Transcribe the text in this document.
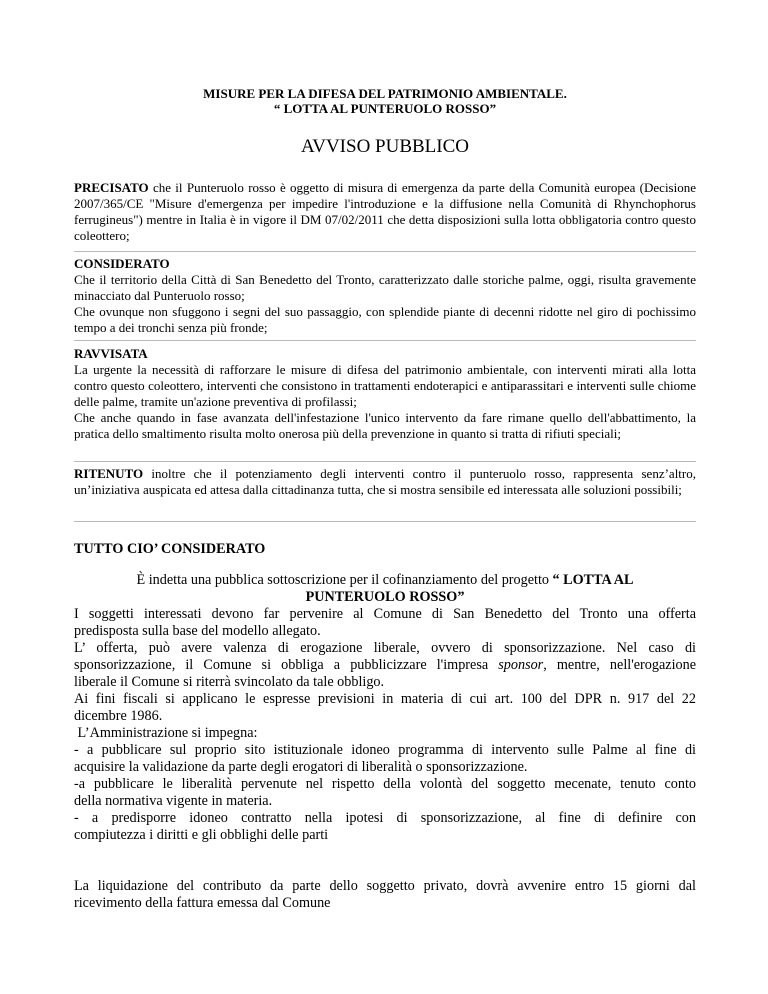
MISURE PER LA DIFESA DEL PATRIMONIO AMBIENTALE.
“ LOTTA AL PUNTERUOLO ROSSO”
AVVISO PUBBLICO
PRECISATO che il Punteruolo rosso è oggetto di misura di emergenza da parte della Comunità europea (Decisione 2007/365/CE "Misure d'emergenza per impedire l'introduzione e la diffusione nella Comunità di Rhynchophorus ferrugineus") mentre in Italia è in vigore il DM 07/02/2011 che detta disposizioni sulla lotta obbligatoria contro questo coleottero;
CONSIDERATO
Che il territorio della Città di San Benedetto del Tronto, caratterizzato dalle storiche palme, oggi, risulta gravemente minacciato dal Punteruolo rosso;
Che ovunque non sfuggono i segni del suo passaggio, con splendide piante di decenni ridotte nel giro di pochissimo tempo a dei tronchi senza più fronde;
RAVVISATA
La urgente la necessità di rafforzare le misure di difesa del patrimonio ambientale, con interventi mirati alla lotta contro questo coleottero, interventi che consistono in trattamenti endoterapici e antiparassitari e interventi sulle chiome delle palme, tramite un'azione preventiva di profilassi;
Che anche quando in fase avanzata dell'infestazione l'unico intervento da fare rimane quello dell'abbattimento, la pratica dello smaltimento risulta molto onerosa più della prevenzione in quanto si tratta di rifiuti speciali;
RITENUTO inoltre che il potenziamento degli interventi contro il punteruolo rosso, rappresenta senz’altro, un’iniziativa auspicata ed attesa dalla cittadinanza tutta, che si mostra sensibile ed interessata alle soluzioni possibili;
TUTTO CIO’ CONSIDERATO
È indetta una pubblica sottoscrizione per il cofinanziamento del progetto “ LOTTA AL
PUNTERUOLO ROSSO”
I soggetti interessati devono far pervenire al Comune di San Benedetto del Tronto una offerta
predisposta sulla base del modello allegato.
L’ offerta, può avere valenza di erogazione liberale, ovvero di sponsorizzazione. Nel caso di
sponsorizzazione, il Comune si obbliga a pubblicizzare l'impresa sponsor, mentre, nell'erogazione
liberale il Comune si riterrà svincolato da tale obbligo.
Ai fini fiscali si applicano le espresse previsioni in materia di cui art. 100 del DPR n. 917 del 22
dicembre 1986.
L’Amministrazione si impegna:
- a pubblicare sul proprio sito istituzionale idoneo programma di intervento sulle Palme al fine di
acquisire la validazione da parte degli erogatori di liberalità o sponsorizzazione.
-a pubblicare le liberalità pervenute nel rispetto della volontà del soggetto mecenate, tenuto conto
della normativa vigente in materia.
- a predisporre idoneo contratto nella ipotesi di sponsorizzazione, al fine di definire con
compiutezza i diritti e gli obblighi delle parti
La liquidazione del contributo da parte dello soggetto privato, dovrà avvenire entro 15 giorni dal
ricevimento della fattura emessa dal Comune
